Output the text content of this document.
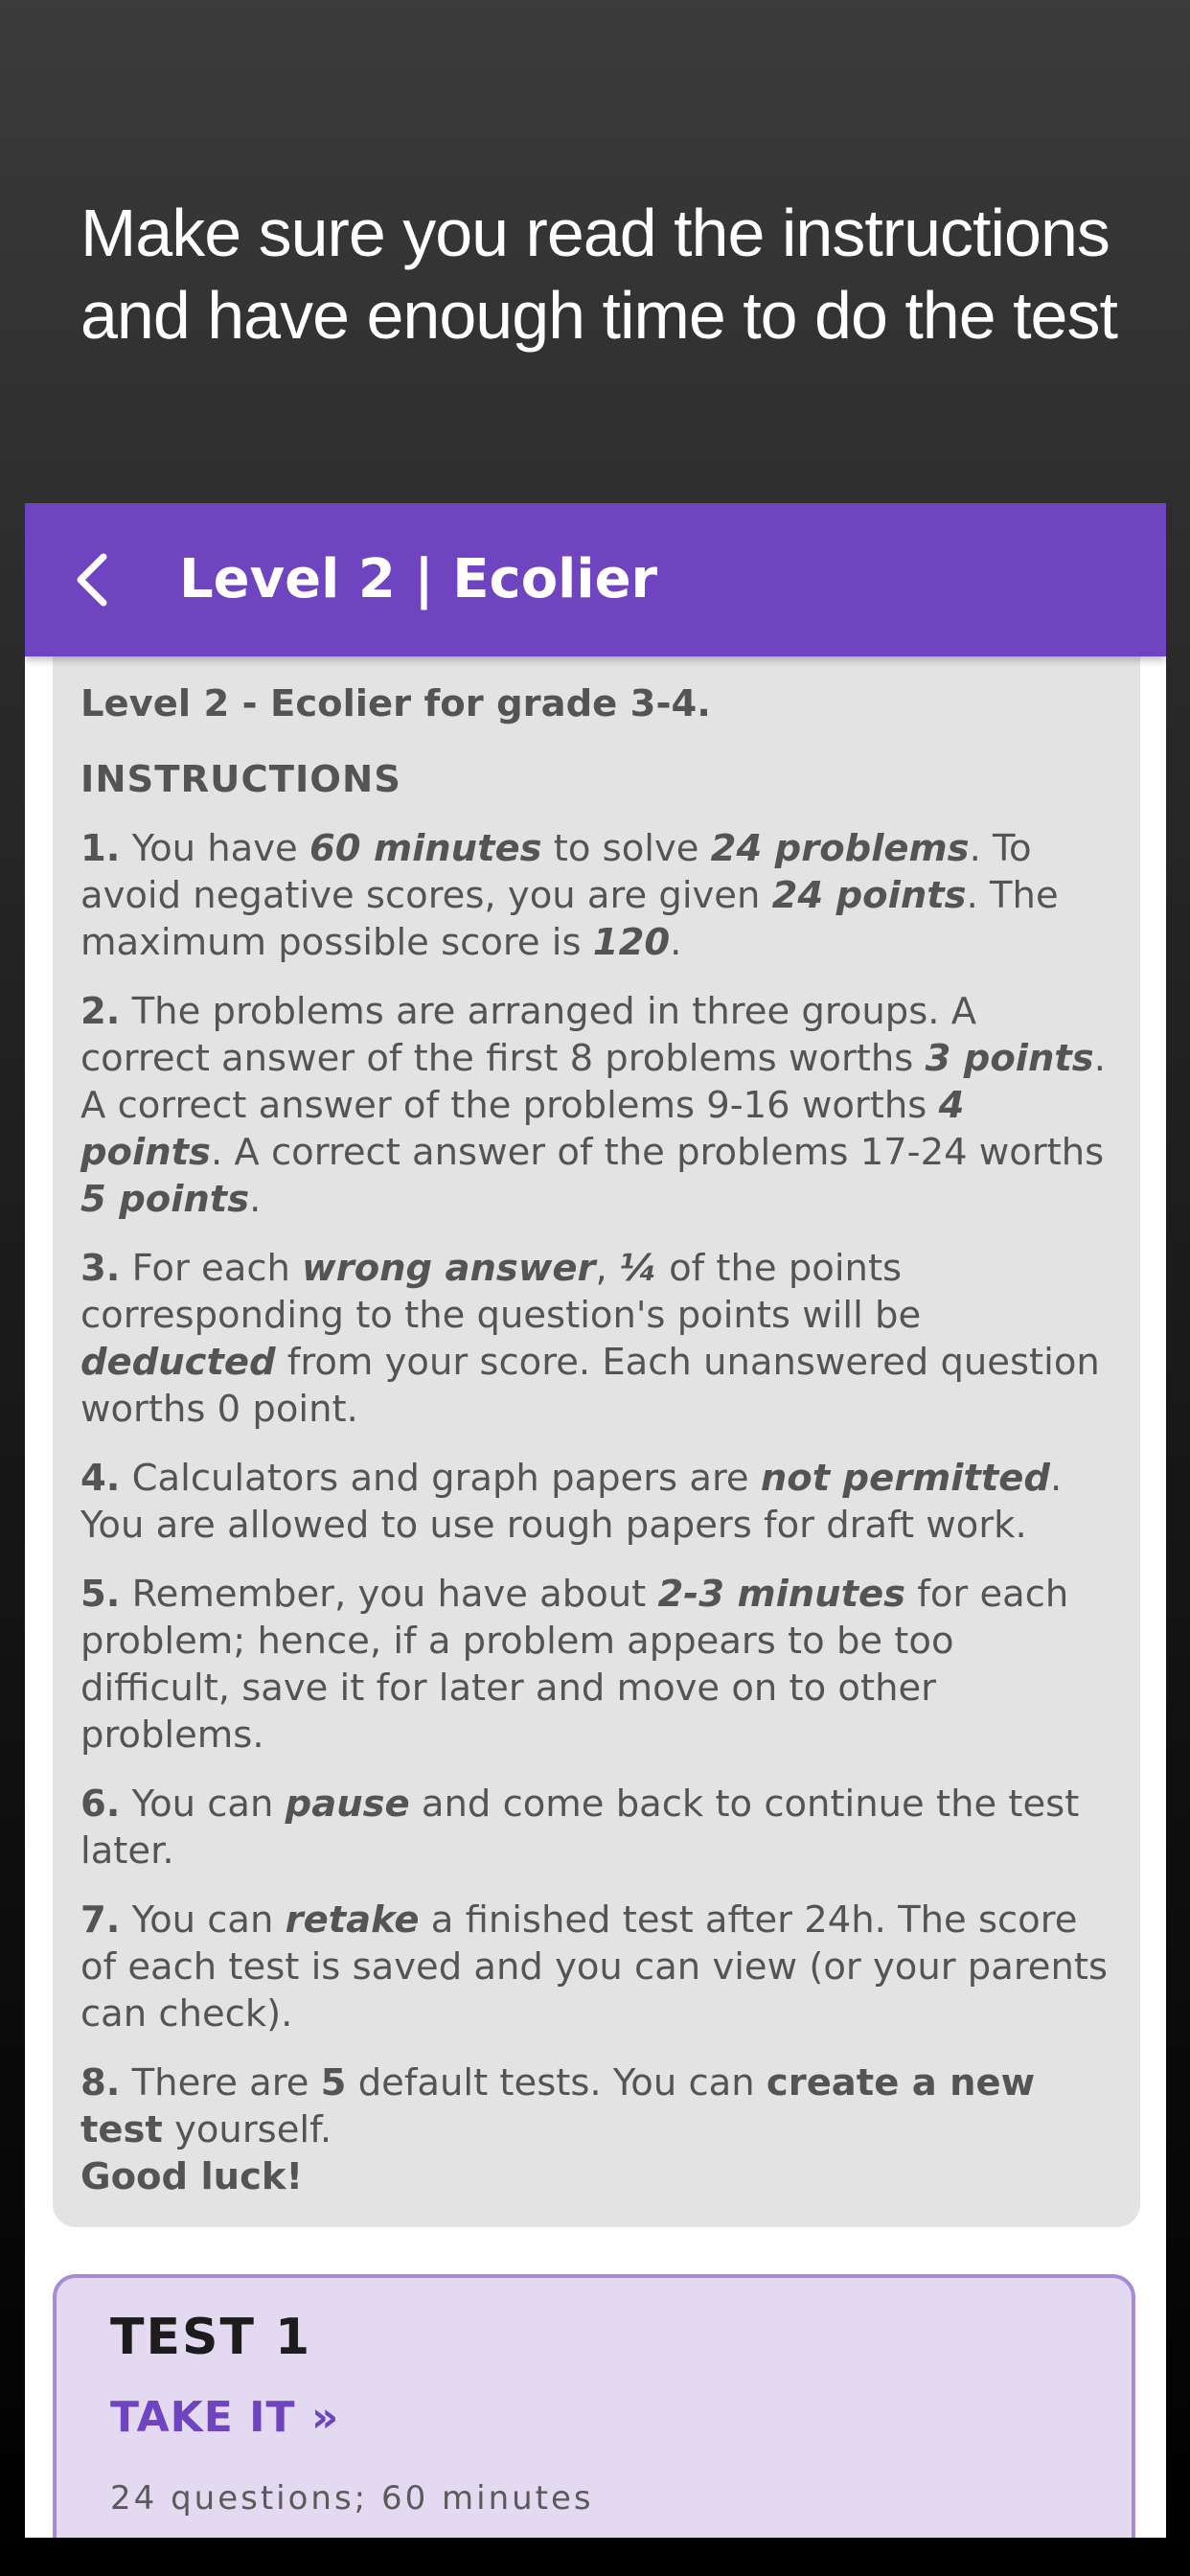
Make sure you read the instructions
and have enough time to do the test
Level 2 | Ecolier

Level 2 - Ecolier for grade 3-4.

INSTRUCTIONS

1. You have 60 minutes to solve 24 problems. To avoid negative scores, you are given 24 points. The maximum possible score is 120.

2. The problems are arranged in three groups. A correct answer of the first 8 problems worths 3 points. A correct answer of the problems 9-16 worths 4 points. A correct answer of the problems 17-24 worths 5 points.

3. For each wrong answer, ¼ of the points corresponding to the question's points will be deducted from your score. Each unanswered question worths 0 point.

4. Calculators and graph papers are not permitted. You are allowed to use rough papers for draft work.

5. Remember, you have about 2-3 minutes for each problem; hence, if a problem appears to be too difficult, save it for later and move on to other problems.

6. You can pause and come back to continue the test later.

7. You can retake a finished test after 24h. The score of each test is saved and you can view (or your parents can check).

8. There are 5 default tests. You can create a new test yourself.

Good luck!

TEST 1
TAKE IT »
24 questions; 60 minutes
